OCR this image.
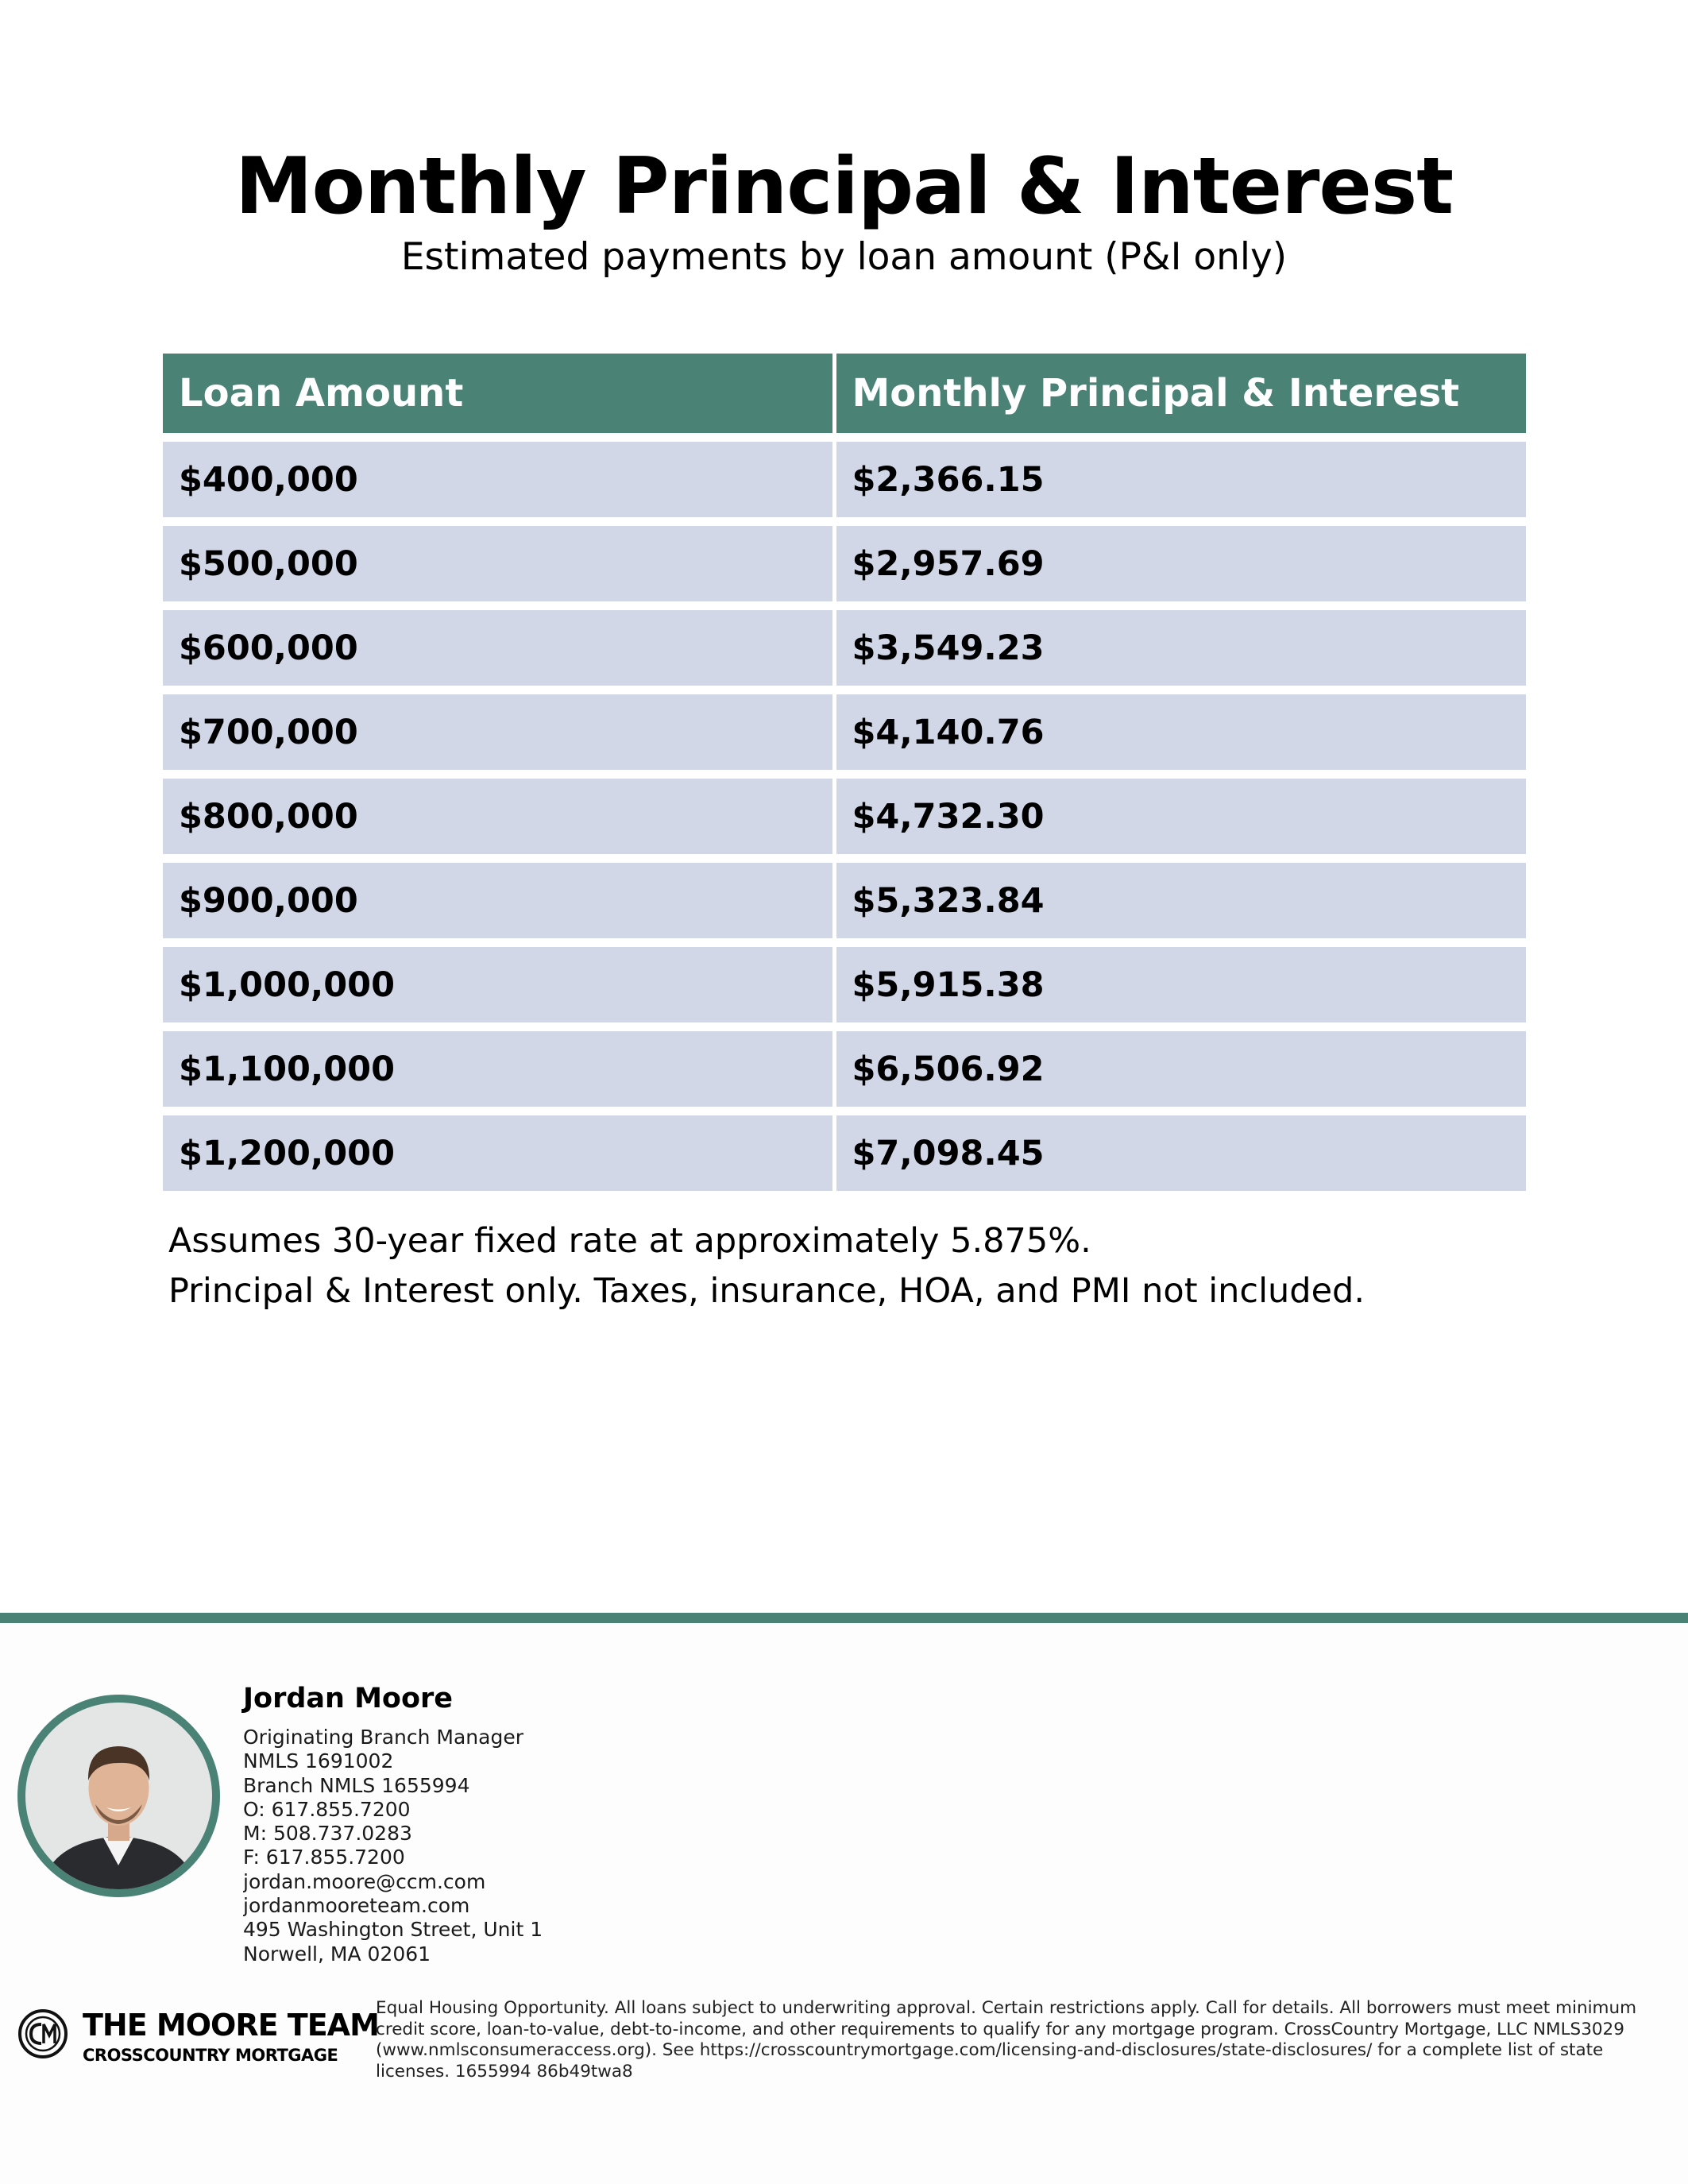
Monthly Principal & Interest
Estimated payments by loan amount (P&I only)
Loan Amount	Monthly Principal & Interest
$400,000	$2,366.15
$500,000	$2,957.69
$600,000	$3,549.23
$700,000	$4,140.76
$800,000	$4,732.30
$900,000	$5,323.84
$1,000,000	$5,915.38
$1,100,000	$6,506.92
$1,200,000	$7,098.45
Assumes 30-year fixed rate at approximately 5.875%.
Principal & Interest only. Taxes, insurance, HOA, and PMI not included.
Jordan Moore
Originating Branch Manager
NMLS 1691002
Branch NMLS 1655994
O: 617.855.7200
M: 508.737.0283
F: 617.855.7200
jordan.moore@ccm.com
jordanmooreteam.com
495 Washington Street, Unit 1
Norwell, MA 02061
THE MOORE TEAM
CROSSCOUNTRY MORTGAGE
Equal Housing Opportunity. All loans subject to underwriting approval. Certain restrictions apply. Call for details. All borrowers must meet minimum credit score, loan-to-value, debt-to-income, and other requirements to qualify for any mortgage program. CrossCountry Mortgage, LLC NMLS3029 (www.nmlsconsumeraccess.org). See https://crosscountrymortgage.com/licensing-and-disclosures/state-disclosures/ for a complete list of state licenses. 1655994 86b49twa8
